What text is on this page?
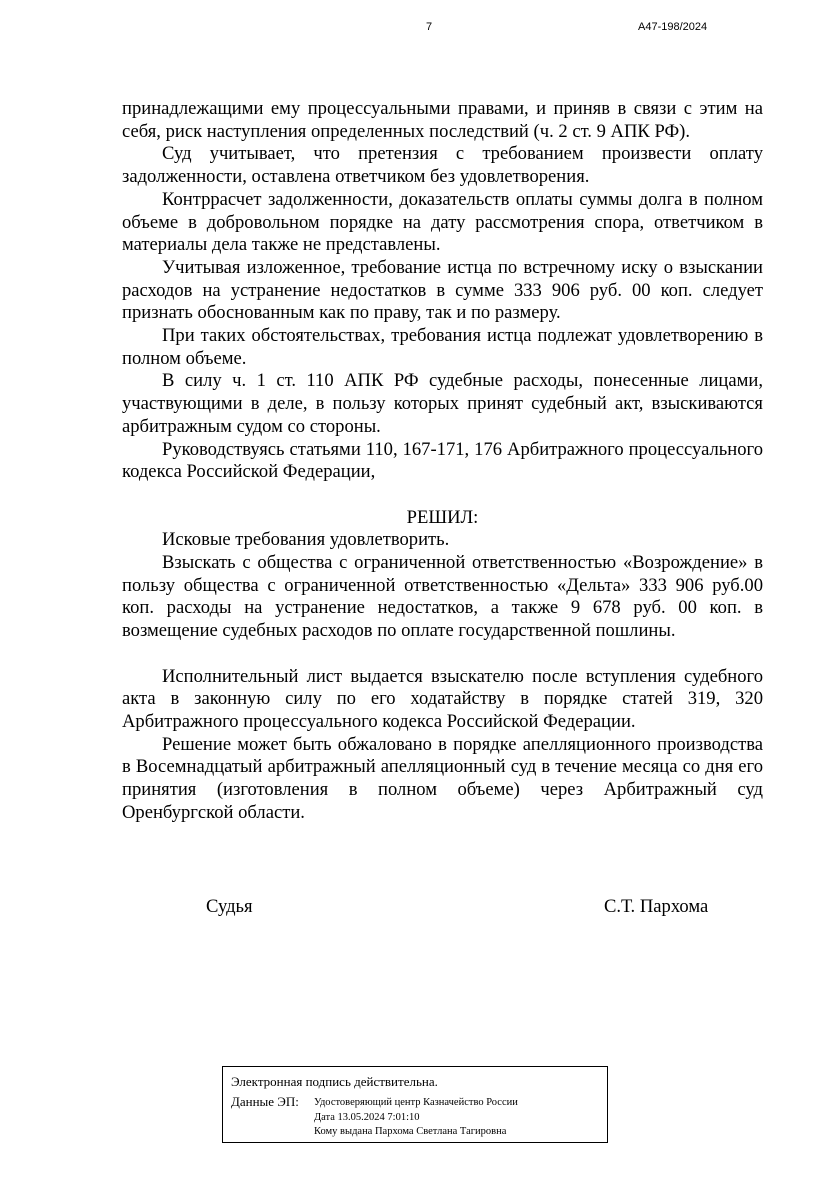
7	А47-198/2024

принадлежащими ему процессуальными правами, и приняв в связи с этим на себя, риск наступления определенных последствий (ч. 2 ст. 9 АПК РФ).

Суд учитывает, что претензия с требованием произвести оплату задолженности, оставлена ответчиком без удовлетворения.

Контррасчет задолженности, доказательств оплаты суммы долга в полном объеме в добровольном порядке на дату рассмотрения спора, ответчиком в материалы дела также не представлены.

Учитывая изложенное, требование истца по встречному иску о взыскании расходов на устранение недостатков в сумме 333 906 руб. 00 коп. следует признать обоснованным как по праву, так и по размеру.

При таких обстоятельствах, требования истца подлежат удовлетворению в полном объеме.

В силу ч. 1 ст. 110 АПК РФ судебные расходы, понесенные лицами, участвующими в деле, в пользу которых принят судебный акт, взыскиваются арбитражным судом со стороны.

Руководствуясь статьями 110, 167-171, 176 Арбитражного процессуального кодекса Российской Федерации,

РЕШИЛ:

Исковые требования удовлетворить.

Взыскать с общества с ограниченной ответственностью «Возрождение» в пользу общества с ограниченной ответственностью «Дельта» 333 906 руб.00 коп. расходы на устранение недостатков, а также 9 678 руб. 00 коп. в возмещение судебных расходов по оплате государственной пошлины.

Исполнительный лист выдается взыскателю после вступления судебного акта в законную силу по его ходатайству в порядке статей 319, 320 Арбитражного процессуального кодекса Российской Федерации.

Решение может быть обжаловано в порядке апелляционного производства в Восемнадцатый арбитражный апелляционный суд в течение месяца со дня его принятия (изготовления в полном объеме) через Арбитражный суд Оренбургской области.

Судья	С.Т. Пархома
Электронная подпись действительна.
Данные ЭП: Удостоверяющий центр Казначейство России
Дата 13.05.2024 7:01:10
Кому выдана Пархома Светлана Тагировна
